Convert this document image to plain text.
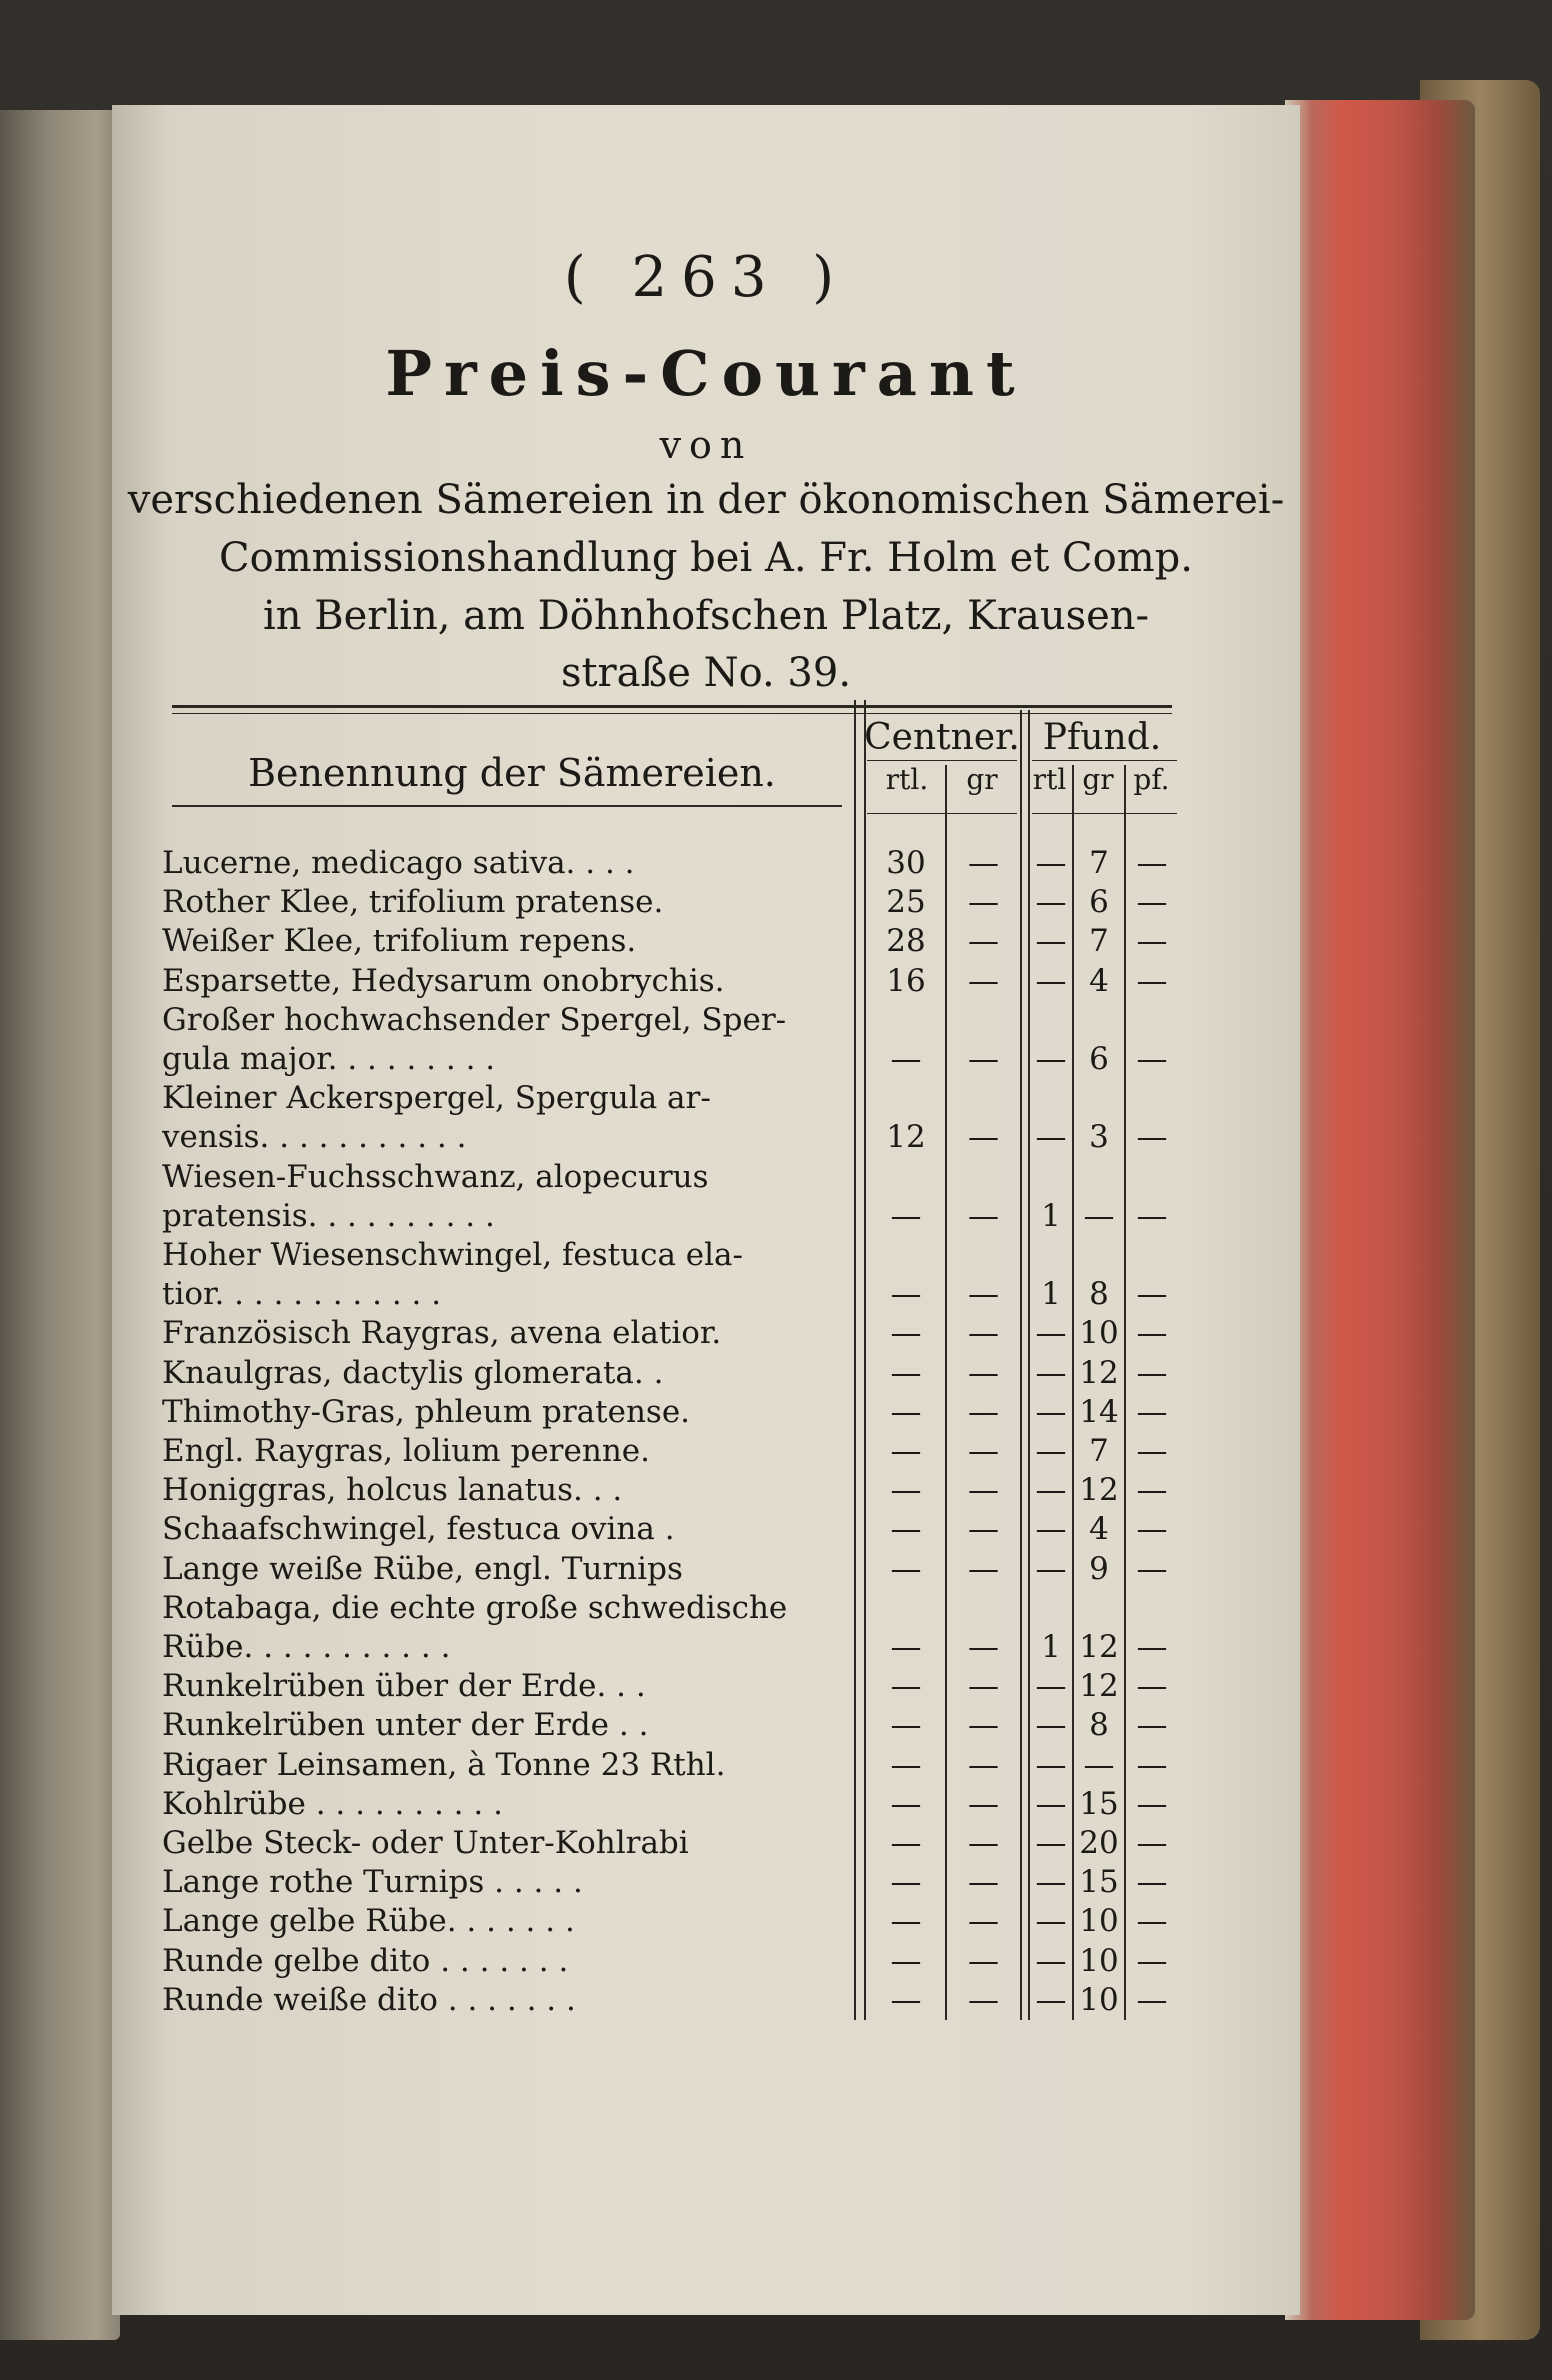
( 263 )
Preis-Courant
von
verschiedenen Sämereien in der ökonomischen Sämerei-
Commissionshandlung bei A. Fr. Holm et Comp.
in Berlin, am Döhnhofschen Platz, Krausen-
straße No. 39.
Benennung der Sämereien.
Centner. Pfund.
rtl.	gr	rtl gr pf.
Lucerne, medicago sativa. . . .	30	—	— 7 —
Rother Klee, trifolium pratense.	25	—	— 6 —
Weißer Klee, trifolium repens.	28	—	— 7 —
Esparsette, Hedysarum onobrychis.	16	—	— 4 —
Großer hochwachsender Spergel, Sper-
gula major. . . . . . . . .	—	—	— 6 —
Kleiner Ackerspergel, Spergula ar-
vensis. . . . . . . . . . .	12	—	— 3 —
Wiesen-Fuchsschwanz, alopecurus
pratensis. . . . . . . . . .	—	—	1 — —
Hoher Wiesenschwingel, festuca ela-
tior. . . . . . . . . . . .	—	—	1 8 —
Französisch Raygras, avena elatior.	—	—	— 10 —
Knaulgras, dactylis glomerata. .	—	—	— 12 —
Thimothy-Gras, phleum pratense.	—	—	— 14 —
Engl. Raygras, lolium perenne.	—	—	— 7 —
Honiggras, holcus lanatus. . .	—	—	— 12 —
Schaafschwingel, festuca ovina .	—	—	— 4 —
Lange weiße Rübe, engl. Turnips	—	—	— 9 —
Rotabaga, die echte große schwedische
Rübe. . . . . . . . . . .	—	—	1 12 —
Runkelrüben über der Erde. . .	—	—	— 12 —
Runkelrüben unter der Erde . .	—	—	— 8 —
Rigaer Leinsamen, à Tonne 23 Rthl.	—	—	— — —
Kohlrübe . . . . . . . . . .	—	—	— 15 —
Gelbe Steck- oder Unter-Kohlrabi	—	—	— 20 —
Lange rothe Turnips . . . . .	—	—	— 15 —
Lange gelbe Rübe. . . . . . .	—	—	— 10 —
Runde gelbe dito . . . . . . .	—	—	— 10 —
Runde weiße dito . . . . . . .	—	—	— 10 —
